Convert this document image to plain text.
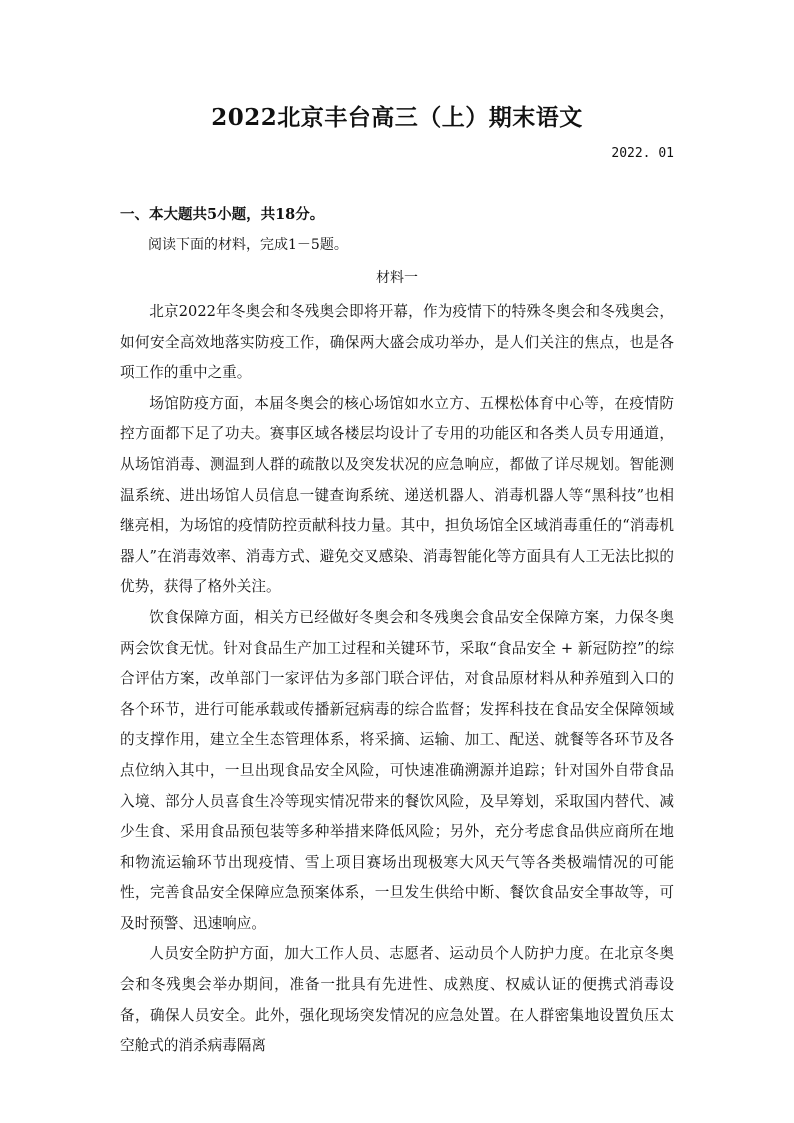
2022北京丰台高三（上）期末语文
2022. 01
一、本大题共5小题，共18分。
阅读下面的材料，完成1－5题。
材料一

北京2022年冬奥会和冬残奥会即将开幕，作为疫情下的特殊冬奥会和冬残奥会，如何安全高效地落实防疫工作，确保两大盛会成功举办，是人们关注的焦点，也是各项工作的重中之重。

场馆防疫方面，本届冬奥会的核心场馆如水立方、五棵松体育中心等，在疫情防控方面都下足了功夫。赛事区域各楼层均设计了专用的功能区和各类人员专用通道，从场馆消毒、测温到人群的疏散以及突发状况的应急响应，都做了详尽规划。智能测温系统、进出场馆人员信息一键查询系统、递送机器人、消毒机器人等“黑科技”也相继亮相，为场馆的疫情防控贡献科技力量。其中，担负场馆全区域消毒重任的“消毒机器人”在消毒效率、消毒方式、避免交叉感染、消毒智能化等方面具有人工无法比拟的优势，获得了格外关注。

饮食保障方面，相关方已经做好冬奥会和冬残奥会食品安全保障方案，力保冬奥两会饮食无忧。针对食品生产加工过程和关键环节，采取“食品安全 + 新冠防控”的综合评估方案，改单部门一家评估为多部门联合评估，对食品原材料从种养殖到入口的各个环节，进行可能承载或传播新冠病毒的综合监督；发挥科技在食品安全保障领域的支撑作用，建立全生态管理体系，将采摘、运输、加工、配送、就餐等各环节及各点位纳入其中，一旦出现食品安全风险，可快速准确溯源并追踪；针对国外自带食品入境、部分人员喜食生冷等现实情况带来的餐饮风险，及早筹划，采取国内替代、减少生食、采用食品预包装等多种举措来降低风险；另外，充分考虑食品供应商所在地和物流运输环节出现疫情、雪上项目赛场出现极寒大风天气等各类极端情况的可能性，完善食品安全保障应急预案体系，一旦发生供给中断、餐饮食品安全事故等，可及时预警、迅速响应。

人员安全防护方面，加大工作人员、志愿者、运动员个人防护力度。在北京冬奥会和冬残奥会举办期间，准备一批具有先进性、成熟度、权威认证的便携式消毒设备，确保人员安全。此外，强化现场突发情况的应急处置。在人群密集地设置负压太空舱式的消杀病毒隔离
